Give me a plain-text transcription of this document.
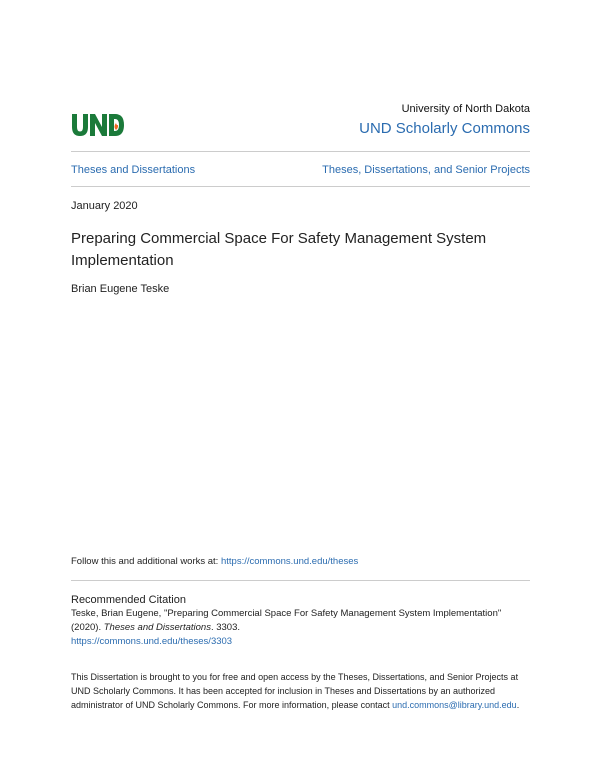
University of North Dakota
UND Scholarly Commons
Theses and Dissertations	Theses, Dissertations, and Senior Projects
January 2020
Preparing Commercial Space For Safety Management System Implementation
Brian Eugene Teske
Follow this and additional works at: https://commons.und.edu/theses
Recommended Citation
Teske, Brian Eugene, "Preparing Commercial Space For Safety Management System Implementation"
(2020). Theses and Dissertations. 3303.
https://commons.und.edu/theses/3303
This Dissertation is brought to you for free and open access by the Theses, Dissertations, and Senior Projects at UND Scholarly Commons. It has been accepted for inclusion in Theses and Dissertations by an authorized administrator of UND Scholarly Commons. For more information, please contact und.commons@library.und.edu.
